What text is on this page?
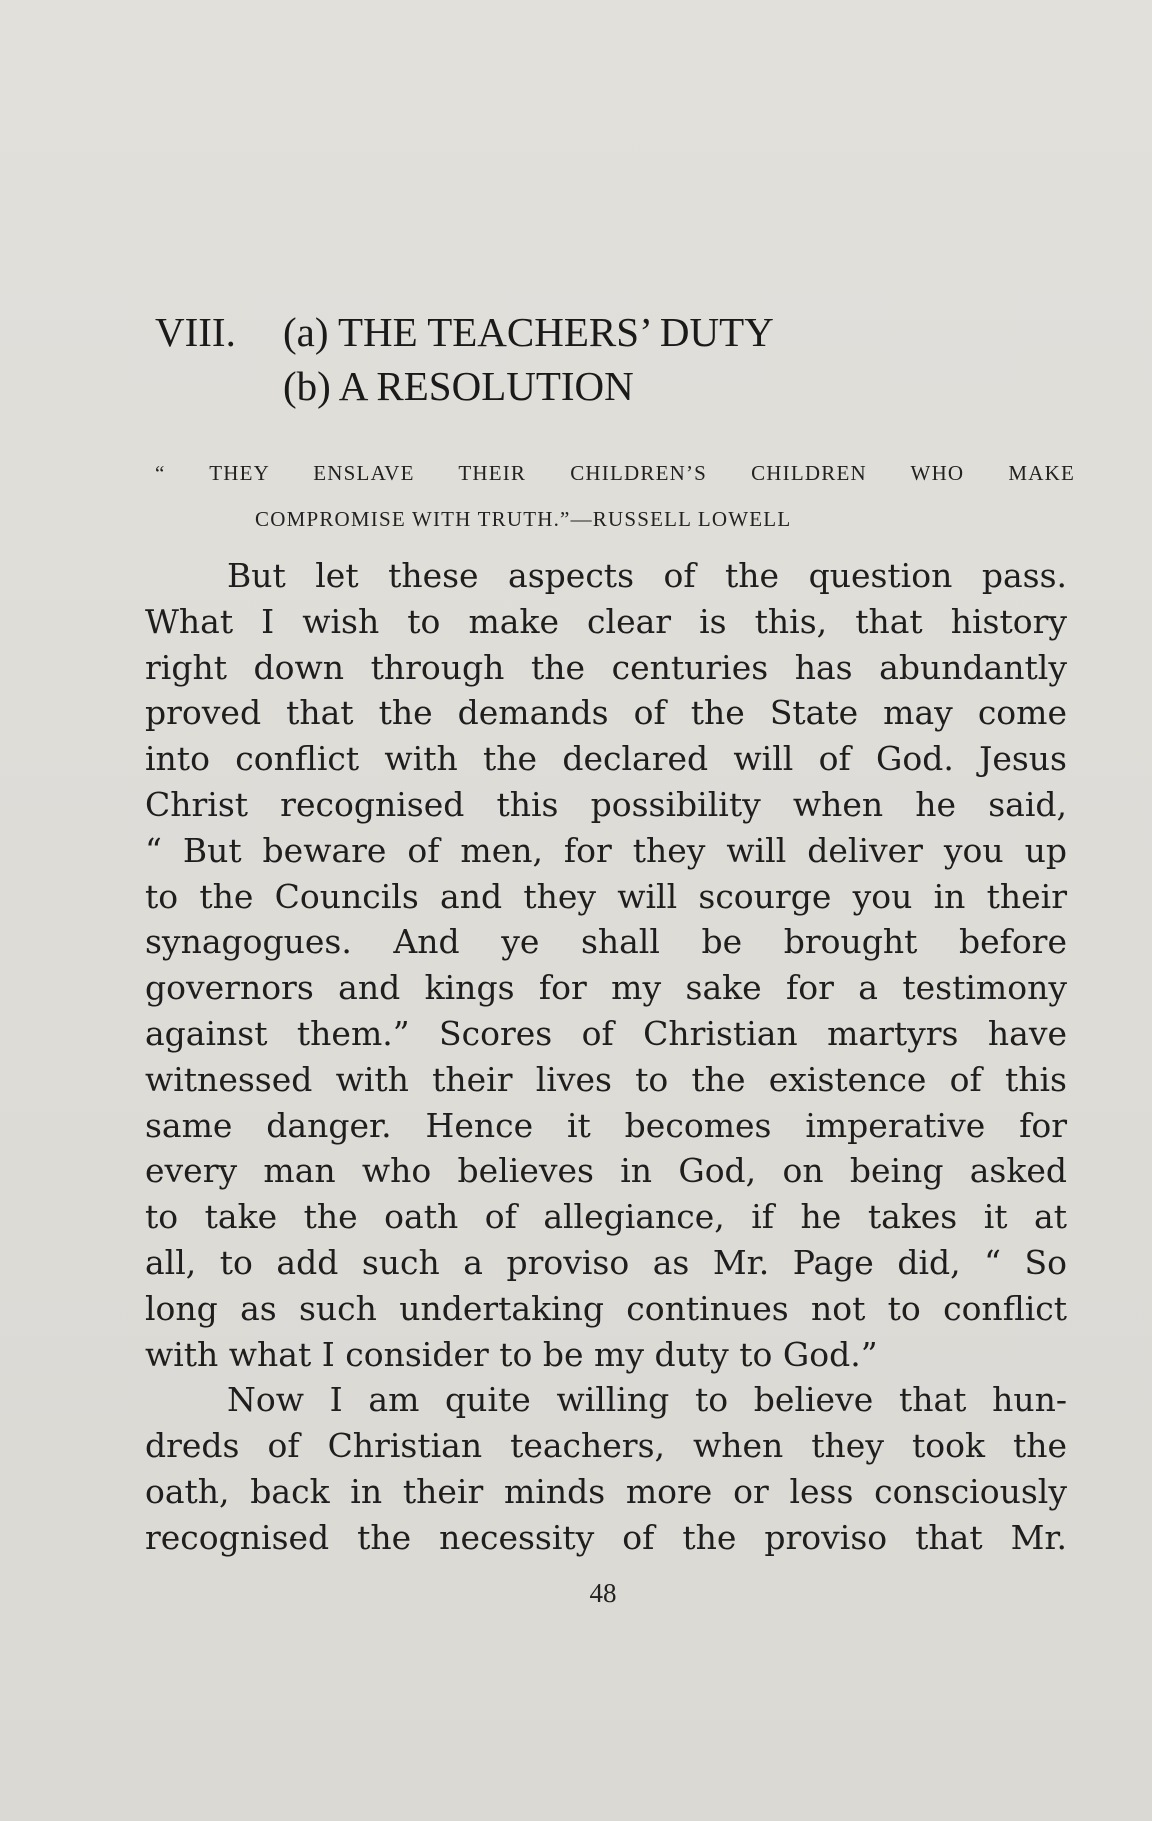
VIII.	(a) THE TEACHERS’ DUTY
(b) A RESOLUTION
“ THEY ENSLAVE THEIR CHILDREN’S CHILDREN WHO MAKE
COMPROMISE WITH TRUTH.”—RUSSELL LOWELL
But let these aspects of the question pass.
What I wish to make clear is this, that history
right down through the centuries has abundantly
proved that the demands of the State may come
into conflict with the declared will of God. Jesus
Christ recognised this possibility when he said,
“ But beware of men, for they will deliver you up
to the Councils and they will scourge you in their
synagogues. And ye shall be brought before
governors and kings for my sake for a testimony
against them.” Scores of Christian martyrs have
witnessed with their lives to the existence of this
same danger. Hence it becomes imperative for
every man who believes in God, on being asked
to take the oath of allegiance, if he takes it at
all, to add such a proviso as Mr. Page did, “ So
long as such undertaking continues not to conflict
with what I consider to be my duty to God.”
Now I am quite willing to believe that hun-
dreds of Christian teachers, when they took the
oath, back in their minds more or less consciously
recognised the necessity of the proviso that Mr.
48
